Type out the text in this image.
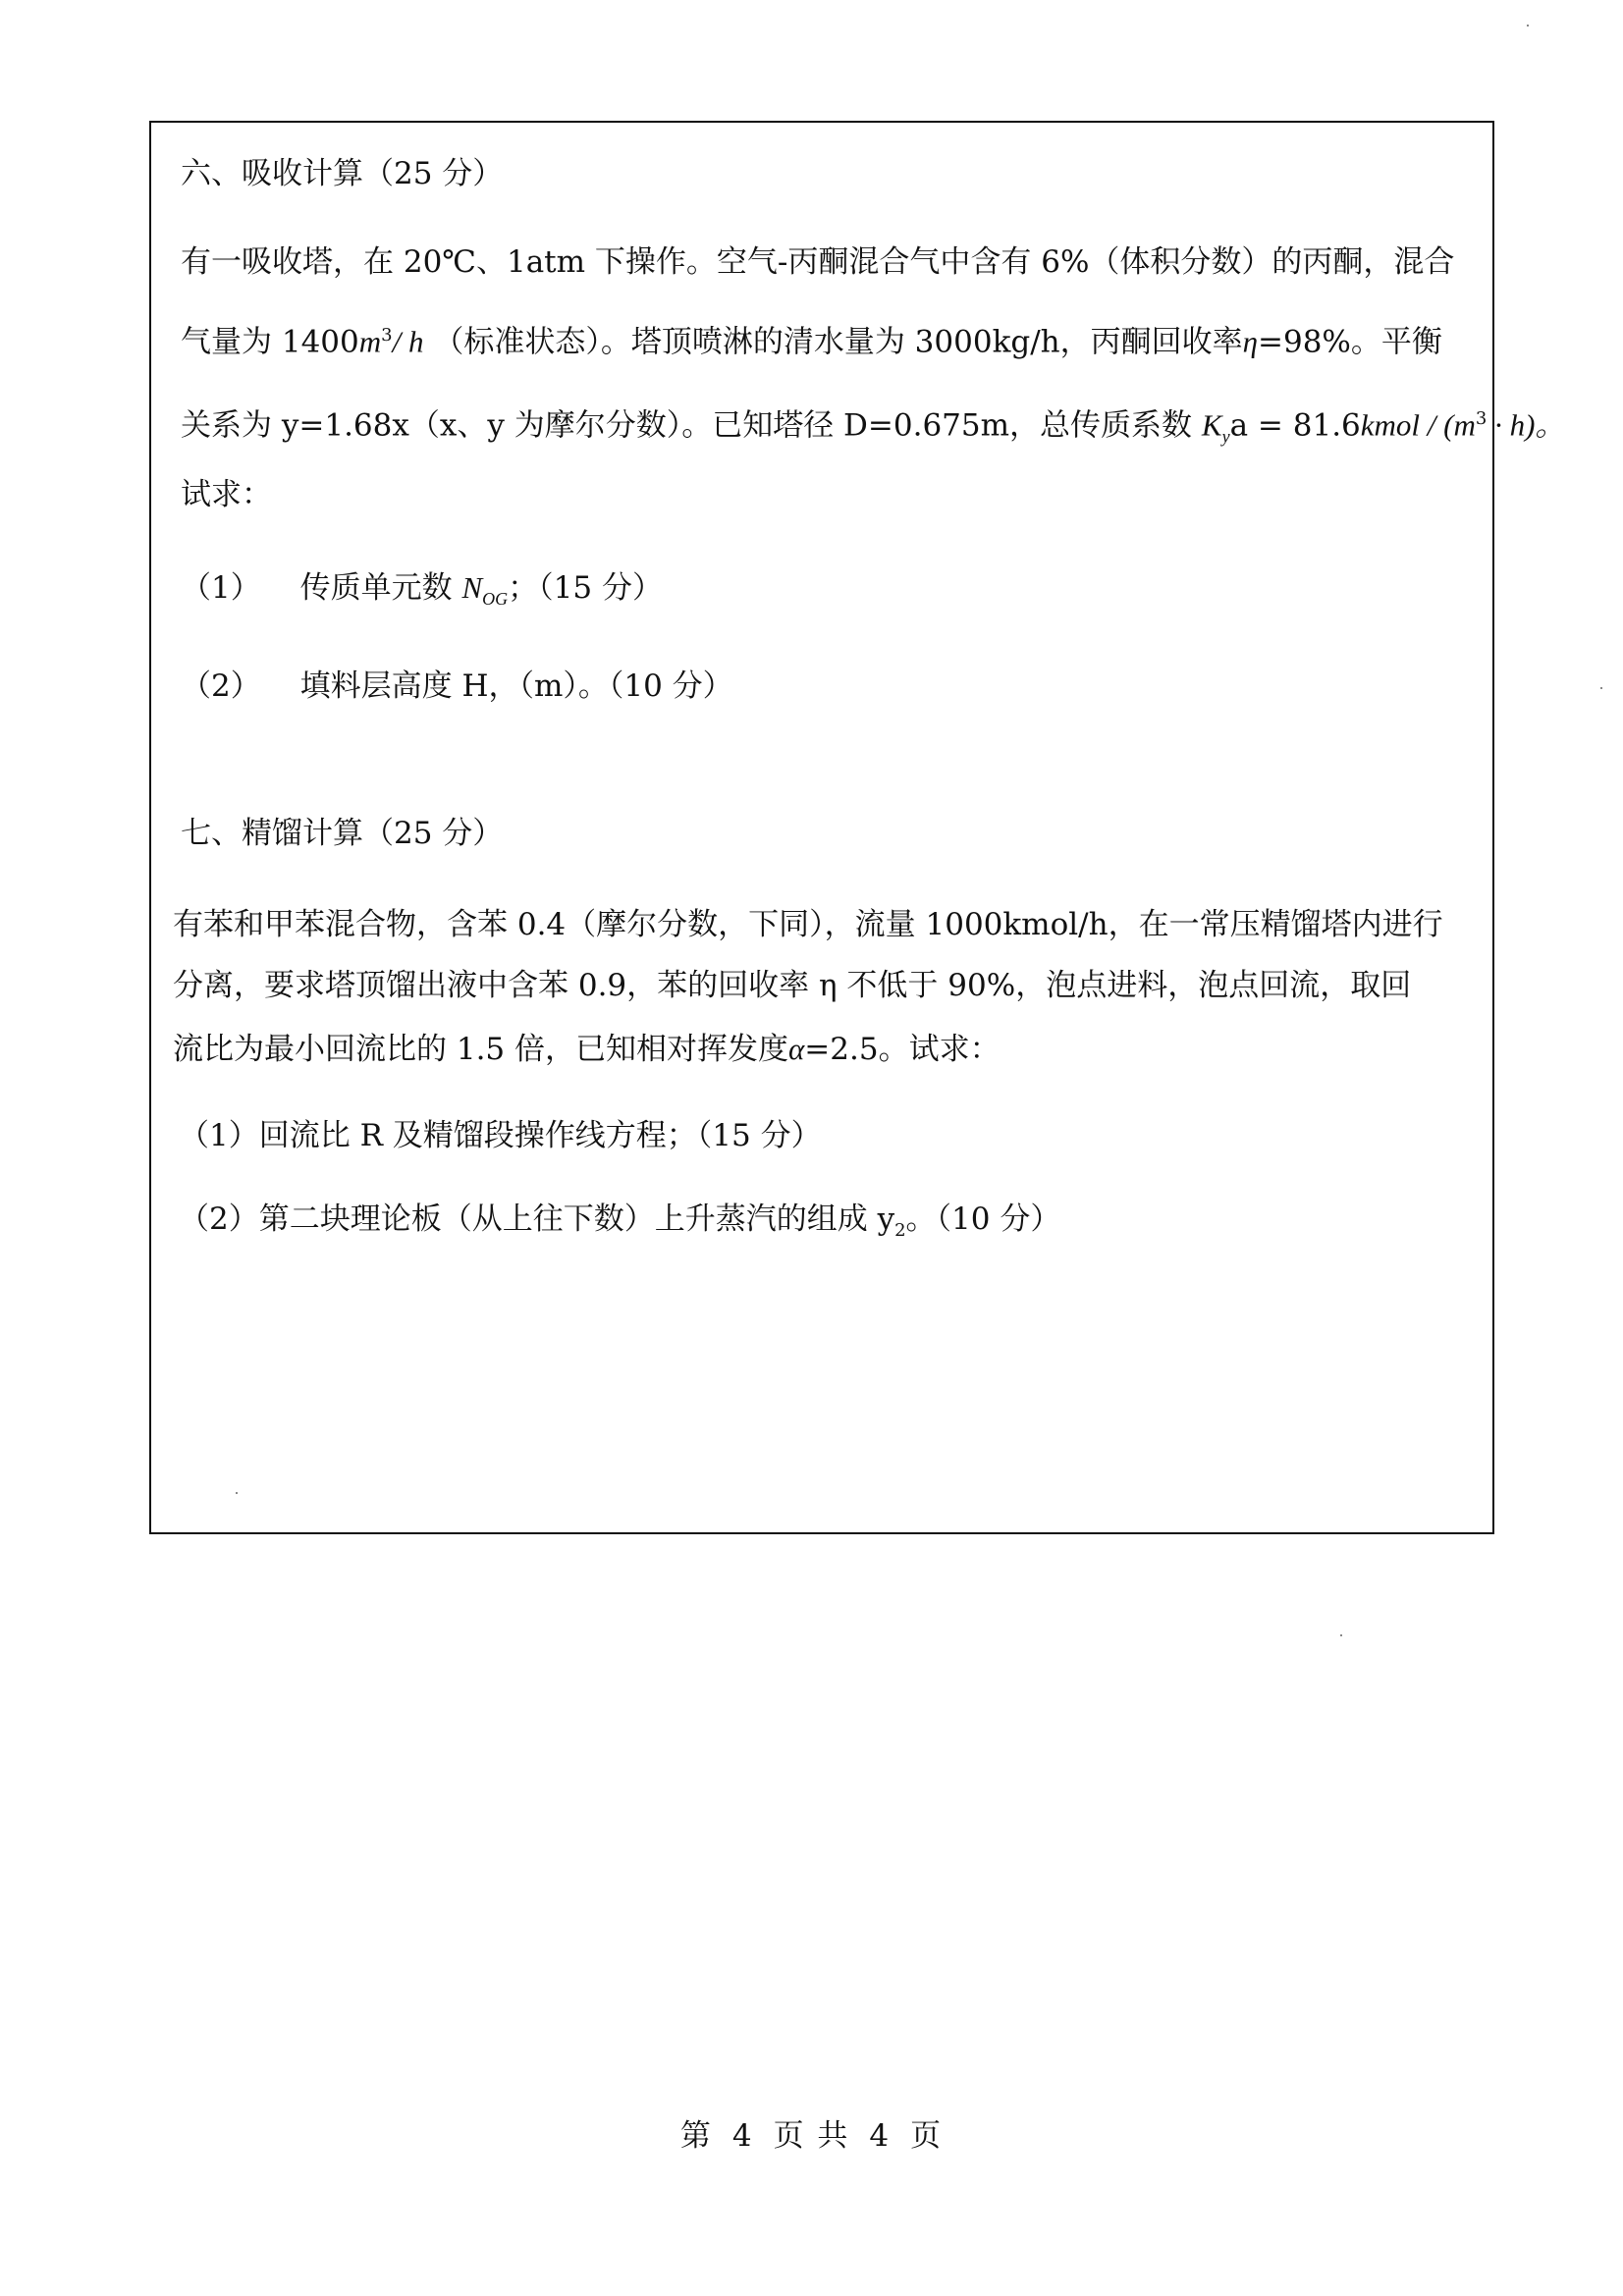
六、吸收计算（25 分）
有一吸收塔，在 20℃、1atm 下操作。空气-丙酮混合气中含有 6%（体积分数）的丙酮，混合
气量为 $1400m^3/$ h （标准状态）。塔顶喷淋的清水量为 3000kg/h，丙酮回收率η=98%。平衡
关系为 y=1.68x（x、y 为摩尔分数）。已知塔径 D=0.675m，总传质系数 $K_ya$ = 81.6kmol / $(m^3 \cdot h)$。
试求：
（1） 传质单元数 $N_{OG}$；（15 分）
（2） 填料层高度 H，（m）。（10 分）
七、精馏计算（25 分）
有苯和甲苯混合物，含苯 0.4（摩尔分数，下同），流量 1000kmol/h，在一常压精馏塔内进行
分离，要求塔顶馏出液中含苯 0.9，苯的回收率 η 不低于 90%，泡点进料，泡点回流，取回
流比为最小回流比的 1.5 倍，已知相对挥发度α=2.5。试求：
（1）回流比 R 及精馏段操作线方程；（15 分）
（2）第二块理论板（从上往下数）上升蒸汽的组成 $y_2$。（10 分）
第 4 页 共 4 页
